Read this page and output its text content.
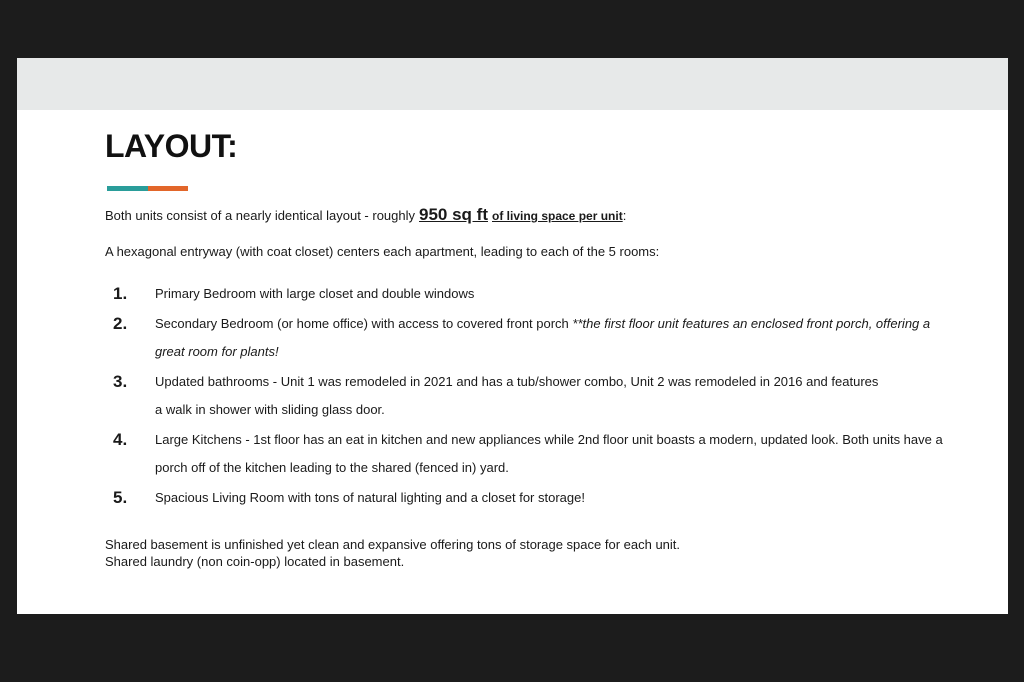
LAYOUT:
Both units consist of a nearly identical layout - roughly 950 sq ft of living space per unit :
A hexagonal entryway (with coat closet) centers each apartment, leading to each of the 5 rooms:
1. Primary Bedroom with large closet and double windows
2. Secondary Bedroom (or home office) with access to covered front porch **the first floor unit features an enclosed front porch, offering a
great room for plants!
3. Updated bathrooms - Unit 1 was remodeled in 2021 and has a tub/shower combo, Unit 2 was remodeled in 2016 and features
a walk in shower with sliding glass door.
4. Large Kitchens - 1st floor has an eat in kitchen and new appliances while 2nd floor unit boasts a modern, updated look. Both units have a
porch off of the kitchen leading to the shared (fenced in) yard.
5. Spacious Living Room with tons of natural lighting and a closet for storage!
Shared basement is unfinished yet clean and expansive offering tons of storage space for each unit.
Shared laundry (non coin-opp) located in basement.
